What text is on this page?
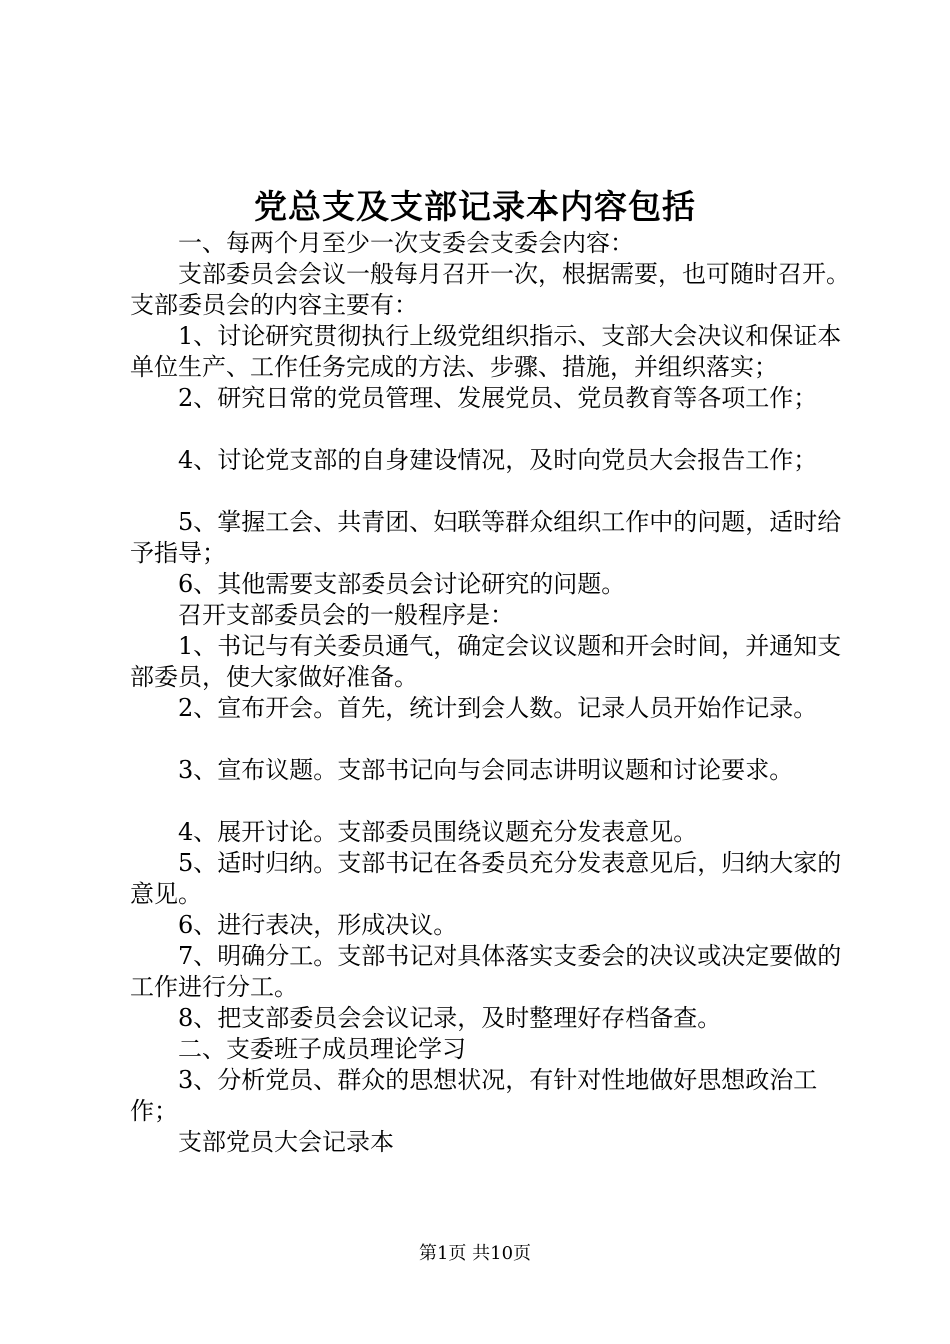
党总支及支部记录本内容包括

一、每两个月至少一次支委会支委会内容：

支部委员会会议一般每月召开一次，根据需要，也可随时召开。支部委员会的内容主要有：

1、讨论研究贯彻执行上级党组织指示、支部大会决议和保证本单位生产、工作任务完成的方法、步骤、措施，并组织落实；

2、研究日常的党员管理、发展党员、党员教育等各项工作；

4、讨论党支部的自身建设情况，及时向党员大会报告工作；

5、掌握工会、共青团、妇联等群众组织工作中的问题，适时给予指导；

6、其他需要支部委员会讨论研究的问题。

召开支部委员会的一般程序是：

1、书记与有关委员通气，确定会议议题和开会时间，并通知支部委员，使大家做好准备。

2、宣布开会。首先，统计到会人数。记录人员开始作记录。

3、宣布议题。支部书记向与会同志讲明议题和讨论要求。

4、展开讨论。支部委员围绕议题充分发表意见。

5、适时归纳。支部书记在各委员充分发表意见后，归纳大家的意见。

6、进行表决，形成决议。

7、明确分工。支部书记对具体落实支委会的决议或决定要做的工作进行分工。

8、把支部委员会会议记录，及时整理好存档备查。

二、支委班子成员理论学习

3、分析党员、群众的思想状况，有针对性地做好思想政治工作；

支部党员大会记录本

第1页 共10页
